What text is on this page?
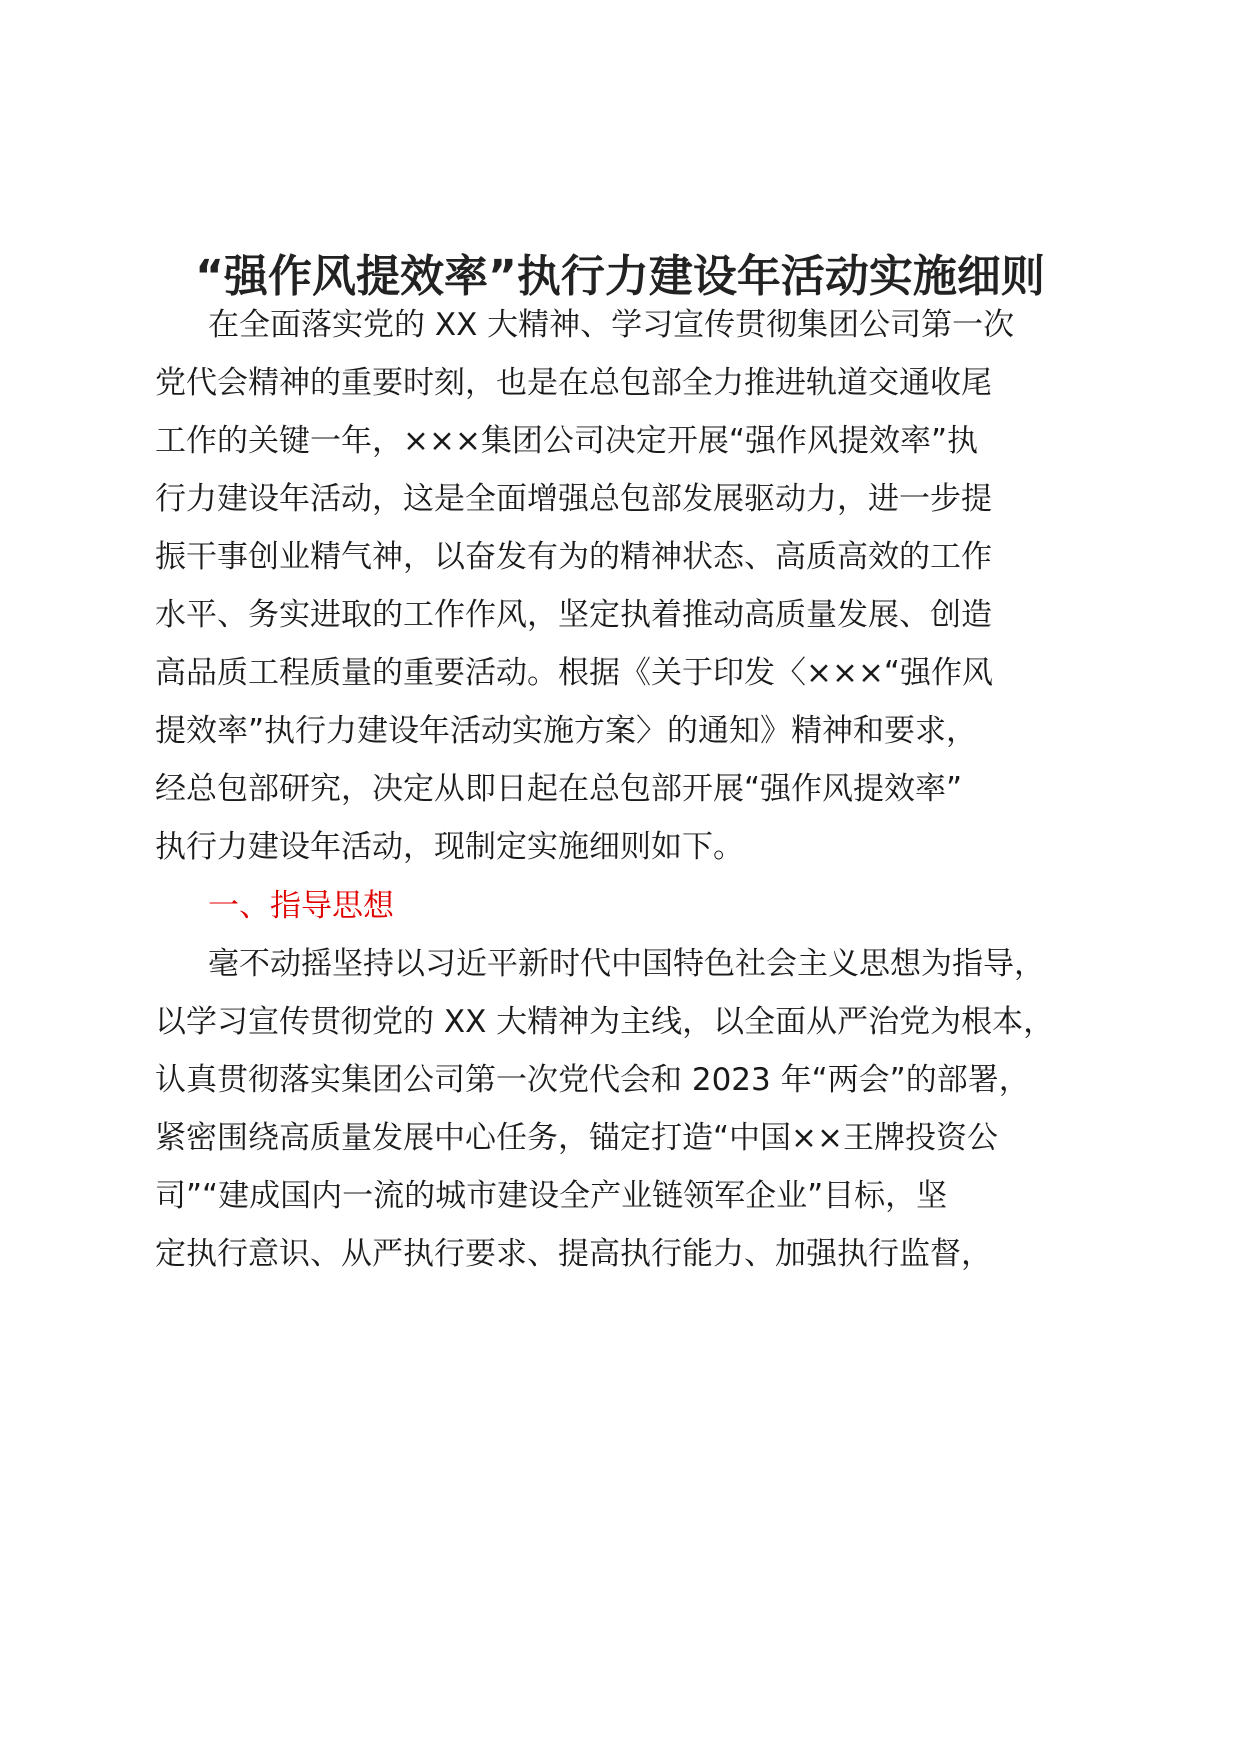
“强作风提效率”执行力建设年活动实施细则
在全面落实党的 XX 大精神、学习宣传贯彻集团公司第一次
党代会精神的重要时刻，也是在总包部全力推进轨道交通收尾
工作的关键一年，×××集团公司决定开展“强作风提效率”执
行力建设年活动，这是全面增强总包部发展驱动力，进一步提
振干事创业精气神，以奋发有为的精神状态、高质高效的工作
水平、务实进取的工作作风，坚定执着推动高质量发展、创造
高品质工程质量的重要活动。根据《关于印发〈×××“强作风
提效率”执行力建设年活动实施方案〉的通知》精神和要求，
经总包部研究，决定从即日起在总包部开展“强作风提效率”
执行力建设年活动，现制定实施细则如下。
一、指导思想
毫不动摇坚持以习近平新时代中国特色社会主义思想为指导，
以学习宣传贯彻党的 XX 大精神为主线，以全面从严治党为根本，
认真贯彻落实集团公司第一次党代会和 2023 年“两会”的部署，
紧密围绕高质量发展中心任务，锚定打造“中国××王牌投资公
司”“建成国内一流的城市建设全产业链领军企业”目标，坚
定执行意识、从严执行要求、提高执行能力、加强执行监督，
